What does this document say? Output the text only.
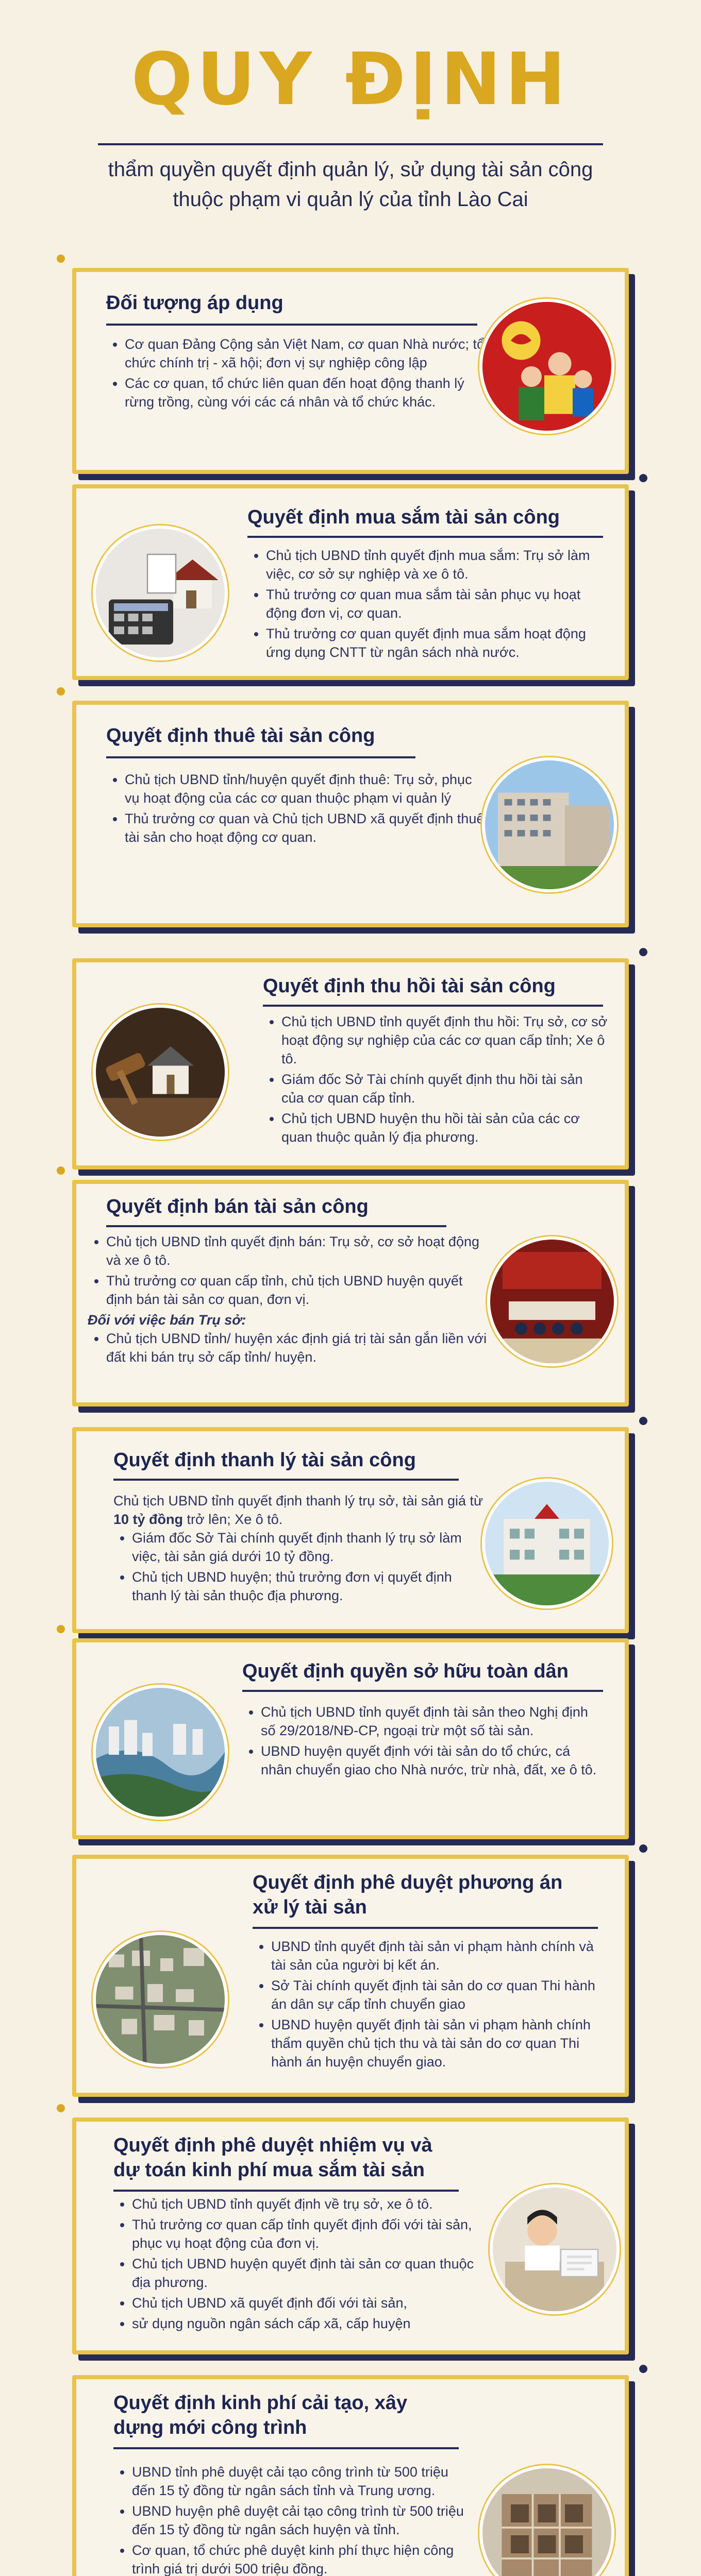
QUY ĐỊNH
thẩm quyền quyết định quản lý, sử dụng tài sản công
thuộc phạm vi quản lý của tỉnh Lào Cai
Đối tượng áp dụng
• Cơ quan Đảng Cộng sản Việt Nam, cơ quan Nhà nước; tổ chức chính trị - xã hội; đơn vị sự nghiệp công lập
• Các cơ quan, tổ chức liên quan đến hoạt động thanh lý rừng trồng, cùng với các cá nhân và tổ chức khác.
Quyết định mua sắm tài sản công
• Chủ tịch UBND tỉnh quyết định mua sắm: Trụ sở làm việc, cơ sở sự nghiệp và xe ô tô.
• Thủ trưởng cơ quan mua sắm tài sản phục vụ hoạt động đơn vị, cơ quan.
• Thủ trưởng cơ quan quyết định mua sắm hoạt động ứng dụng CNTT từ ngân sách nhà nước.
Quyết định thuê tài sản công
• Chủ tịch UBND tỉnh/huyện quyết định thuê: Trụ sở, phục vụ hoạt động của các cơ quan thuộc phạm vi quản lý
• Thủ trưởng cơ quan và Chủ tịch UBND xã quyết định thuê tài sản cho hoạt động cơ quan.
Quyết định thu hồi tài sản công
• Chủ tịch UBND tỉnh quyết định thu hồi: Trụ sở, cơ sở hoạt động sự nghiệp của các cơ quan cấp tỉnh; Xe ô tô.
• Giám đốc Sở Tài chính quyết định thu hồi tài sản của cơ quan cấp tỉnh.
• Chủ tịch UBND huyện thu hồi tài sản của các cơ quan thuộc quản lý địa phương.
Quyết định bán tài sản công
• Chủ tịch UBND tỉnh quyết định bán: Trụ sở, cơ sở hoạt động và xe ô tô.
• Thủ trưởng cơ quan cấp tỉnh, chủ tịch UBND huyện quyết định bán tài sản cơ quan, đơn vị.

Đối với việc bán Trụ sở:

• Chủ tịch UBND tỉnh/ huyện xác định giá trị tài sản gắn liền với đất khi bán trụ sở cấp tỉnh/ huyện.
Quyết định thanh lý tài sản công

Chủ tịch UBND tỉnh quyết định thanh lý trụ sở, tài sản giá từ 10 tỷ đồng trở lên; Xe ô tô.

• Giám đốc Sở Tài chính quyết định thanh lý trụ sở làm việc, tài sản giá dưới 10 tỷ đồng.
• Chủ tịch UBND huyện; thủ trưởng đơn vị quyết định thanh lý tài sản thuộc địa phương.
Quyết định quyền sở hữu toàn dân
• Chủ tịch UBND tỉnh quyết định tài sản theo Nghị định số 29/2018/NĐ-CP, ngoại trừ một số tài sản.
• UBND huyện quyết định với tài sản do tổ chức, cá nhân chuyển giao cho Nhà nước, trừ nhà, đất, xe ô tô.
Quyết định phê duyệt phương án
xử lý tài sản
• UBND tỉnh quyết định tài sản vi phạm hành chính và tài sản của người bị kết án.
• Sở Tài chính quyết định tài sản do cơ quan Thi hành án dân sự cấp tỉnh chuyển giao
• UBND huyện quyết định tài sản vi phạm hành chính thẩm quyền chủ tịch thu và tài sản do cơ quan Thi hành án huyện chuyển giao.
Quyết định phê duyệt nhiệm vụ và
dự toán kinh phí mua sắm tài sản
• Chủ tịch UBND tỉnh quyết định về trụ sở, xe ô tô.
• Thủ trưởng cơ quan cấp tỉnh quyết định đối với tài sản, phục vụ hoạt động của đơn vị.
• Chủ tịch UBND huyện quyết định tài sản cơ quan thuộc địa phương.
• Chủ tịch UBND xã quyết định đối với tài sản,
• sử dụng nguồn ngân sách cấp xã, cấp huyện
Quyết định kinh phí cải tạo, xây
dựng mới công trình
• UBND tỉnh phê duyệt cải tạo công trình từ 500 triệu đến 15 tỷ đồng từ ngân sách tỉnh và Trung ương.
• UBND huyện phê duyệt cải tạo công trình từ 500 triệu đến 15 tỷ đồng từ ngân sách huyện và tỉnh.
• Cơ quan, tổ chức phê duyệt kinh phí thực hiện công trình giá trị dưới 500 triệu đồng.
